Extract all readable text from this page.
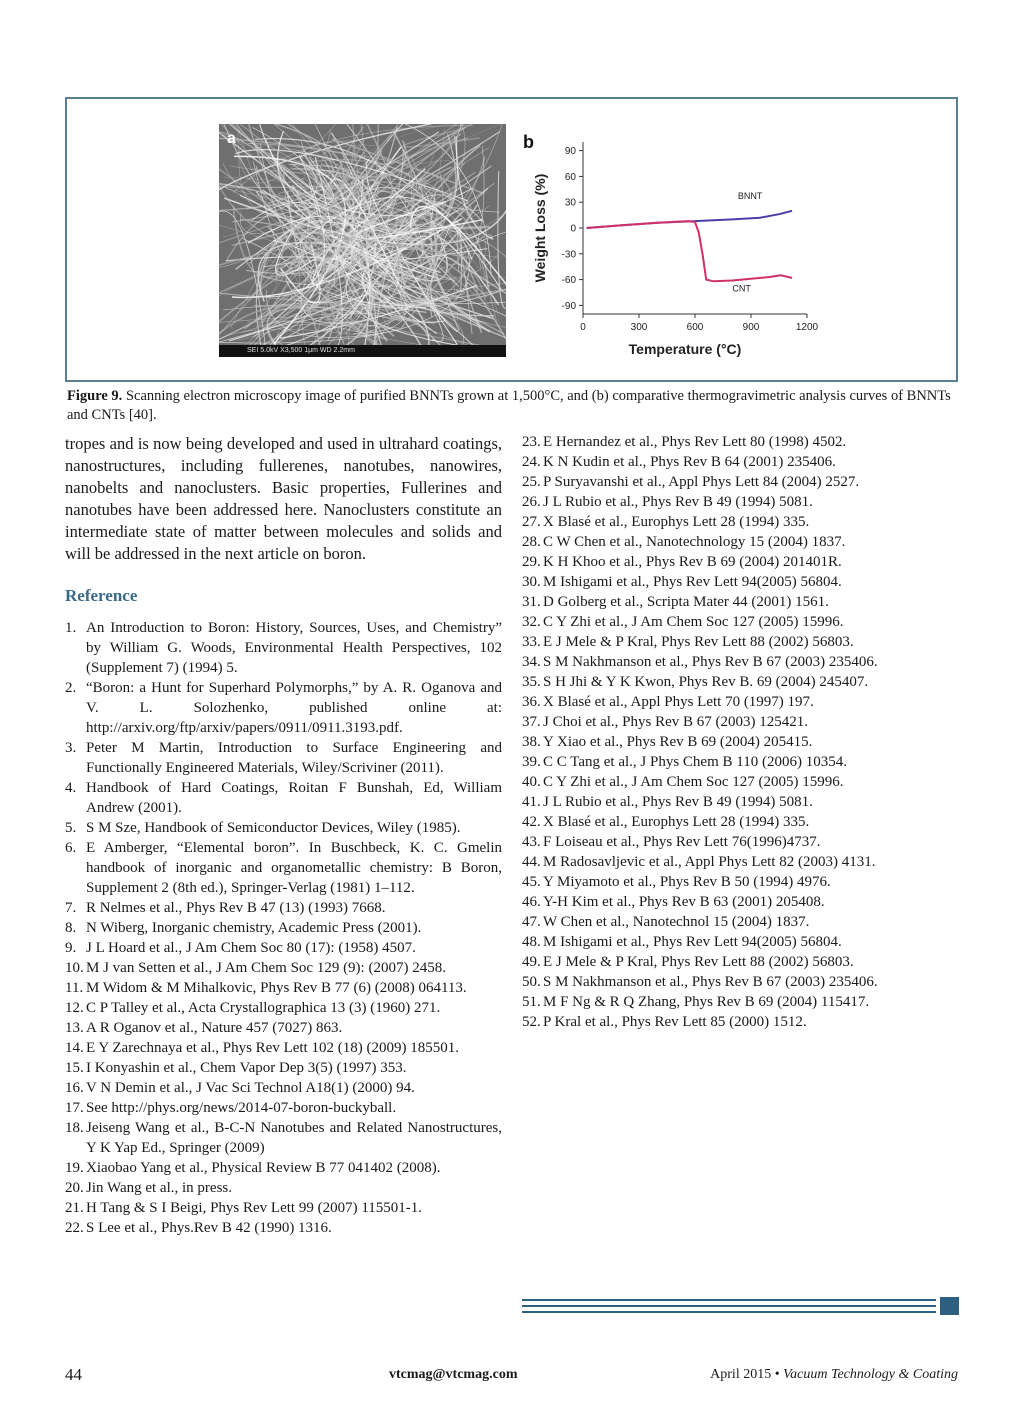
a
SEI 5.0kV X3,500 1μm WD 2.2mm
b	90
60
30
0
-30
-60
-90
0	300	600	900	1200
Temperature (°C)
Weight Loss (%)	BNNT
CNT
Figure 9. Scanning electron microscopy image of purified BNNTs grown at 1,500°C, and (b) comparative thermogravimetric analysis curves of BNNTs and CNTs [40].
tropes and is now being developed and used in ultrahard coatings, nanostructures, including fullerenes, nanotubes, nanowires, nanobelts and nanoclusters. Basic properties, Fullerines and nanotubes have been addressed here. Nanoclusters constitute an intermediate state of matter between molecules and solids and will be addressed in the next article on boron.
Reference
1. An Introduction to Boron: History, Sources, Uses, and Chemistry” by William G. Woods, Environmental Health Perspectives, 102 (Supplement 7) (1994) 5.
2. “Boron: a Hunt for Superhard Polymorphs,” by A. R. Oganova and V. L. Solozhenko, published online at: http://arxiv.org/ftp/arxiv/papers/0911/0911.3193.pdf.
3. Peter M Martin, Introduction to Surface Engineering and Functionally Engineered Materials, Wiley/Scriviner (2011).
4. Handbook of Hard Coatings, Roitan F Bunshah, Ed, William Andrew (2001).
5. S M Sze, Handbook of Semiconductor Devices, Wiley (1985).
6. E Amberger, “Elemental boron”. In Buschbeck, K. C. Gmelin handbook of inorganic and organometallic chemistry: B Boron, Supplement 2 (8th ed.), Springer-Verlag (1981) 1–112.
7. R Nelmes et al., Phys Rev B 47 (13) (1993) 7668.
8. N Wiberg, Inorganic chemistry, Academic Press (2001).
9. J L Hoard et al., J Am Chem Soc 80 (17): (1958) 4507.
10. M J van Setten et al., J Am Chem Soc 129 (9): (2007) 2458.
11. M Widom & M Mihalkovic, Phys Rev B 77 (6) (2008) 064113.
12. C P Talley et al., Acta Crystallographica 13 (3) (1960) 271.
13. A R Oganov et al., Nature 457 (7027) 863.
14. E Y Zarechnaya et al., Phys Rev Lett 102 (18) (2009) 185501.
15. I Konyashin et al., Chem Vapor Dep 3(5) (1997) 353.
16. V N Demin et al., J Vac Sci Technol A18(1) (2000) 94.
17. See http://phys.org/news/2014-07-boron-buckyball.
18. Jeiseng Wang et al., B-C-N Nanotubes and Related Nanostructures, Y K Yap Ed., Springer (2009)
19. Xiaobao Yang et al., Physical Review B 77 041402 (2008).
20. Jin Wang et al., in press.
21. H Tang & S I Beigi, Phys Rev Lett 99 (2007) 115501-1.
22. S Lee et al., Phys.Rev B 42 (1990) 1316.
23. E Hernandez et al., Phys Rev Lett 80 (1998) 4502.
24. K N Kudin et al., Phys Rev B 64 (2001) 235406.
25. P Suryavanshi et al., Appl Phys Lett 84 (2004) 2527.
26. J L Rubio et al., Phys Rev B 49 (1994) 5081.
27. X Blasé et al., Europhys Lett 28 (1994) 335.
28. C W Chen et al., Nanotechnology 15 (2004) 1837.
29. K H Khoo et al., Phys Rev B 69 (2004) 201401R.
30. M Ishigami et al., Phys Rev Lett 94(2005) 56804.
31. D Golberg et al., Scripta Mater 44 (2001) 1561.
32. C Y Zhi et al., J Am Chem Soc 127 (2005) 15996.
33. E J Mele & P Kral, Phys Rev Lett 88 (2002) 56803.
34. S M Nakhmanson et al., Phys Rev B 67 (2003) 235406.
35. S H Jhi & Y K Kwon, Phys Rev B. 69 (2004) 245407.
36. X Blasé et al., Appl Phys Lett 70 (1997) 197.
37. J Choi et al., Phys Rev B 67 (2003) 125421.
38. Y Xiao et al., Phys Rev B 69 (2004) 205415.
39. C C Tang et al., J Phys Chem B 110 (2006) 10354.
40. C Y Zhi et al., J Am Chem Soc 127 (2005) 15996.
41. J L Rubio et al., Phys Rev B 49 (1994) 5081.
42. X Blasé et al., Europhys Lett 28 (1994) 335.
43. F Loiseau et al., Phys Rev Lett 76(1996)4737.
44. M Radosavljevic et al., Appl Phys Lett 82 (2003) 4131.
45. Y Miyamoto et al., Phys Rev B 50 (1994) 4976.
46. Y-H Kim et al., Phys Rev B 63 (2001) 205408.
47. W Chen et al., Nanotechnol 15 (2004) 1837.
48. M Ishigami et al., Phys Rev Lett 94(2005) 56804.
49. E J Mele & P Kral, Phys Rev Lett 88 (2002) 56803.
50. S M Nakhmanson et al., Phys Rev B 67 (2003) 235406.
51. M F Ng & R Q Zhang, Phys Rev B 69 (2004) 115417.
52. P Kral et al., Phys Rev Lett 85 (2000) 1512.
44	vtcmag@vtcmag.com	April 2015 • Vacuum Technology & Coating
